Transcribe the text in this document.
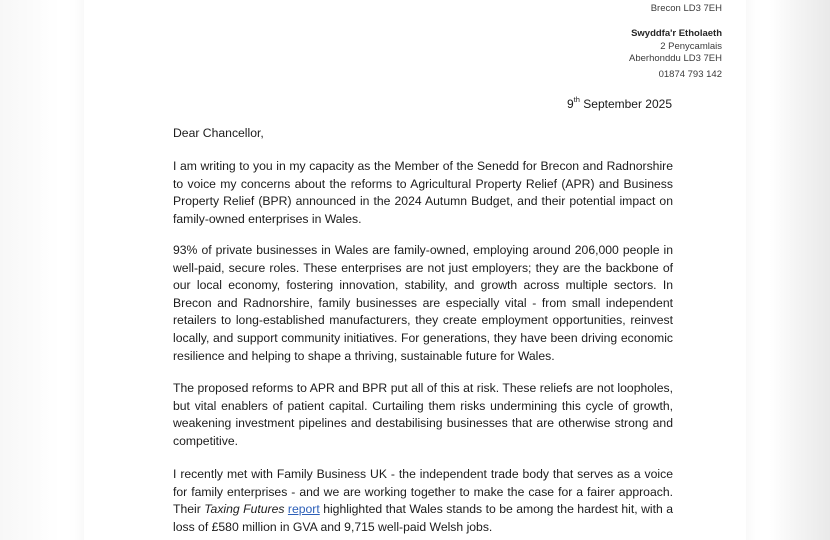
Brecon LD3 7EH
Swyddfa'r Etholaeth
2 Penycamlais
Aberhonddu LD3 7EH
01874 793 142
9th September 2025
Dear Chancellor,

I am writing to you in my capacity as the Member of the Senedd for Brecon and Radnorshire to voice my concerns about the reforms to Agricultural Property Relief (APR) and Business Property Relief (BPR) announced in the 2024 Autumn Budget, and their potential impact on family-owned enterprises in Wales.

93% of private businesses in Wales are family-owned, employing around 206,000 people in well-paid, secure roles. These enterprises are not just employers; they are the backbone of our local economy, fostering innovation, stability, and growth across multiple sectors. In Brecon and Radnorshire, family businesses are especially vital - from small independent retailers to long-established manufacturers, they create employment opportunities, reinvest locally, and support community initiatives. For generations, they have been driving economic resilience and helping to shape a thriving, sustainable future for Wales.

The proposed reforms to APR and BPR put all of this at risk. These reliefs are not loopholes, but vital enablers of patient capital. Curtailing them risks undermining this cycle of growth, weakening investment pipelines and destabilising businesses that are otherwise strong and competitive.

I recently met with Family Business UK - the independent trade body that serves as a voice for family enterprises - and we are working together to make the case for a fairer approach. Their Taxing Futures report highlighted that Wales stands to be among the hardest hit, with a loss of £580 million in GVA and 9,715 well-paid Welsh jobs.
